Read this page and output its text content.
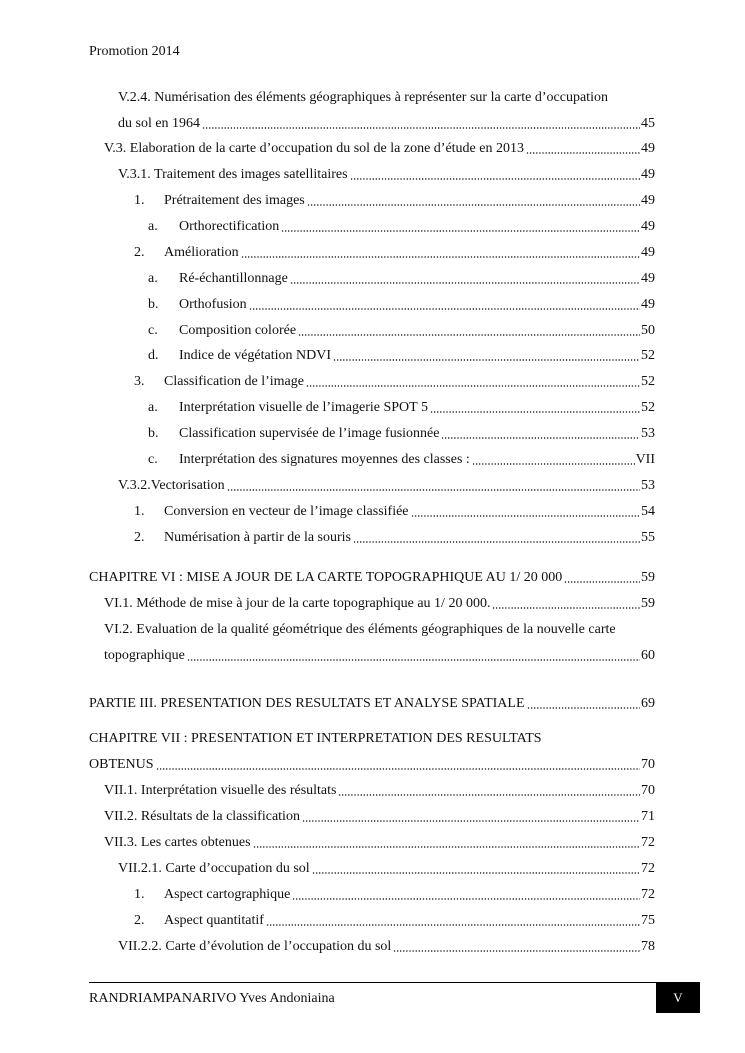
Promotion 2014
V.2.4. Numérisation des éléments géographiques à représenter sur la carte d’occupation
du sol en 1964	45
V.3. Elaboration de la carte d’occupation du sol de la zone d’étude en 2013	49
V.3.1. Traitement des images satellitaires	49
1.	Prétraitement des images	49
a.	Orthorectification	49
2.	Amélioration	49
a.	Ré-échantillonnage	49
b.	Orthofusion	49
c.	Composition colorée	50
d.	Indice de végétation NDVI	52
3.	Classification de l’image	52
a.	Interprétation visuelle de l’imagerie SPOT 5	52
b.	Classification supervisée de l’image fusionnée	53
c.	Interprétation des signatures moyennes des classes :	VII
V.3.2.Vectorisation	53
1.	Conversion en vecteur de l’image classifiée	54
2.	Numérisation à partir de la souris	55
CHAPITRE VI : MISE A JOUR DE LA CARTE TOPOGRAPHIQUE AU 1/ 20 000	59
VI.1. Méthode de mise à jour de la carte topographique au 1/ 20 000.	59
VI.2. Evaluation de la qualité géométrique des éléments géographiques de la nouvelle carte
topographique	60
PARTIE III. PRESENTATION DES RESULTATS ET ANALYSE SPATIALE	69
CHAPITRE VII : PRESENTATION ET INTERPRETATION DES RESULTATS
OBTENUS	70
VII.1. Interprétation visuelle des résultats	70
VII.2. Résultats de la classification	71
VII.3. Les cartes obtenues	72
VII.2.1. Carte d’occupation du sol	72
1.	Aspect cartographique	72
2.	Aspect quantitatif	75
VII.2.2. Carte d’évolution de l’occupation du sol	78
RANDRIAMPANARIVO Yves Andoniaina	V
